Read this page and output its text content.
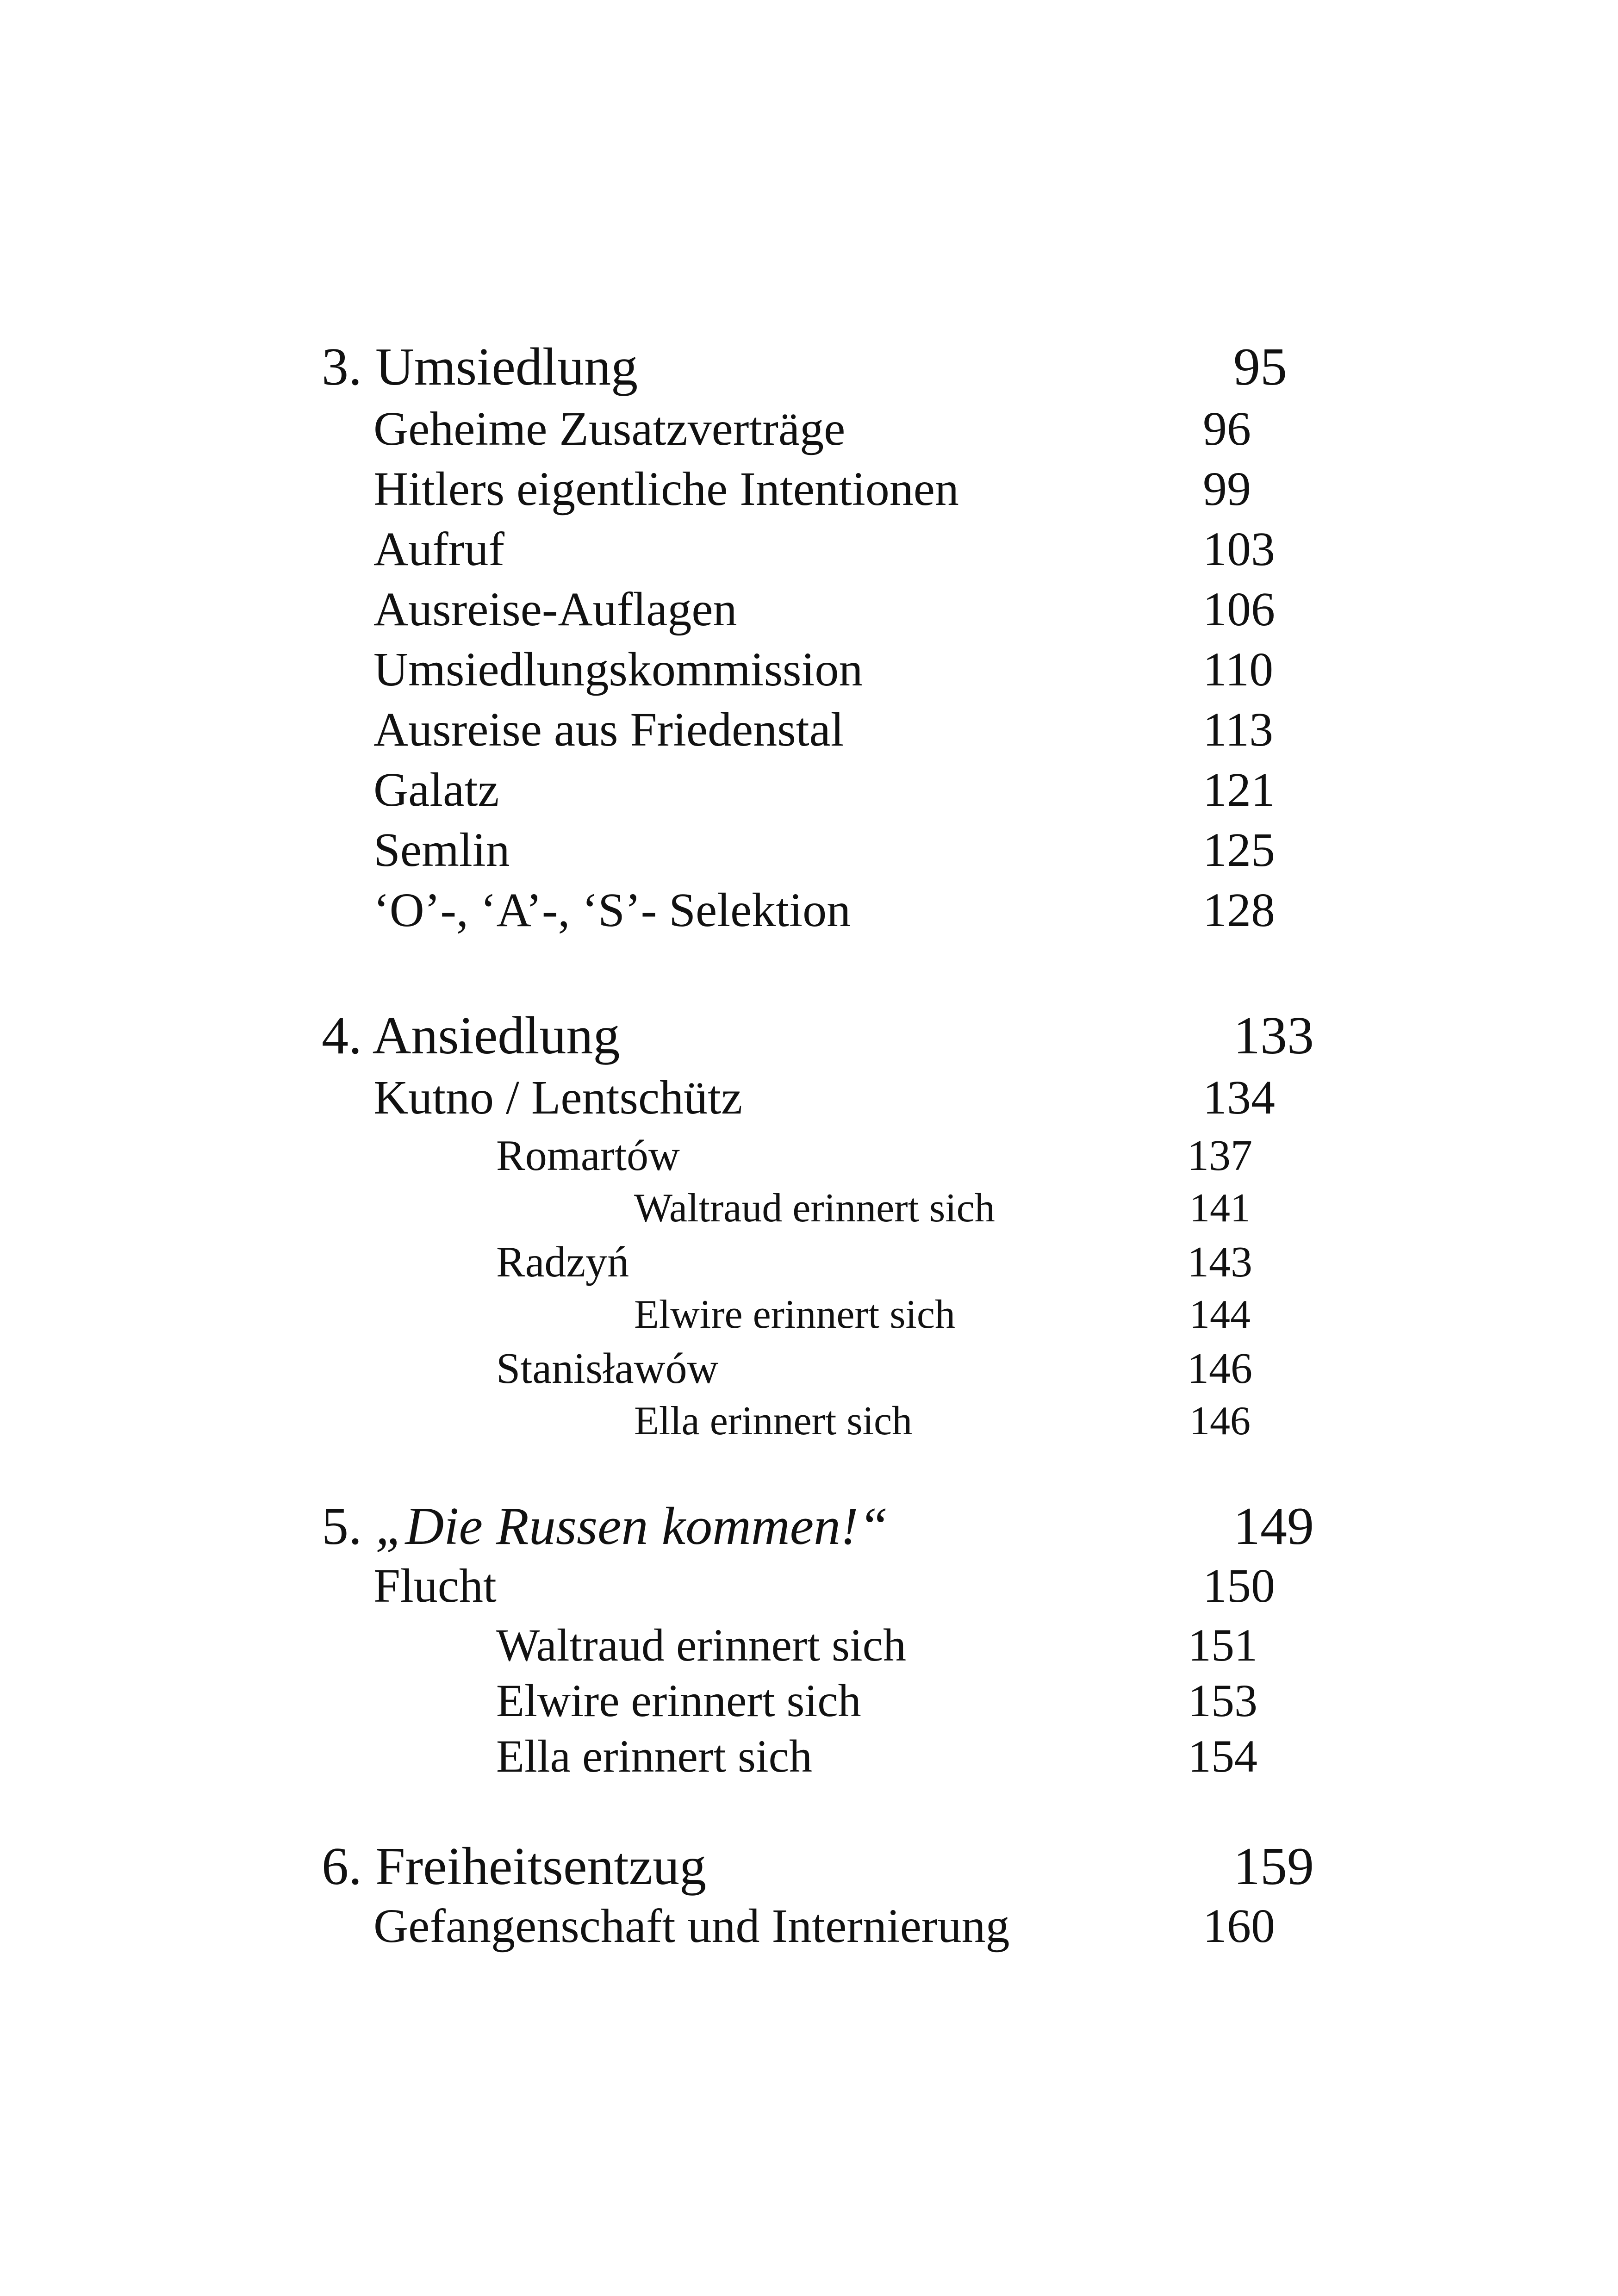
3. Umsiedlung	95
Geheime Zusatzverträge	96
Hitlers eigentliche Intentionen	99
Aufruf	103
Ausreise-Auflagen	106
Umsiedlungskommission	110
Ausreise aus Friedenstal	113
Galatz	121
Semlin	125
‘O’-, ‘A’-, ‘S’- Selektion	128
4. Ansiedlung	133
Kutno / Lentschütz	134
Romartów	137
Waltraud erinnert sich	141
Radzyń	143
Elwire erinnert sich	144
Stanisławów	146
Ella erinnert sich	146
5. „Die Russen kommen!“	149
Flucht	150
Waltraud erinnert sich	151
Elwire erinnert sich	153
Ella erinnert sich	154
6. Freiheitsentzug	159
Gefangenschaft und Internierung	160
